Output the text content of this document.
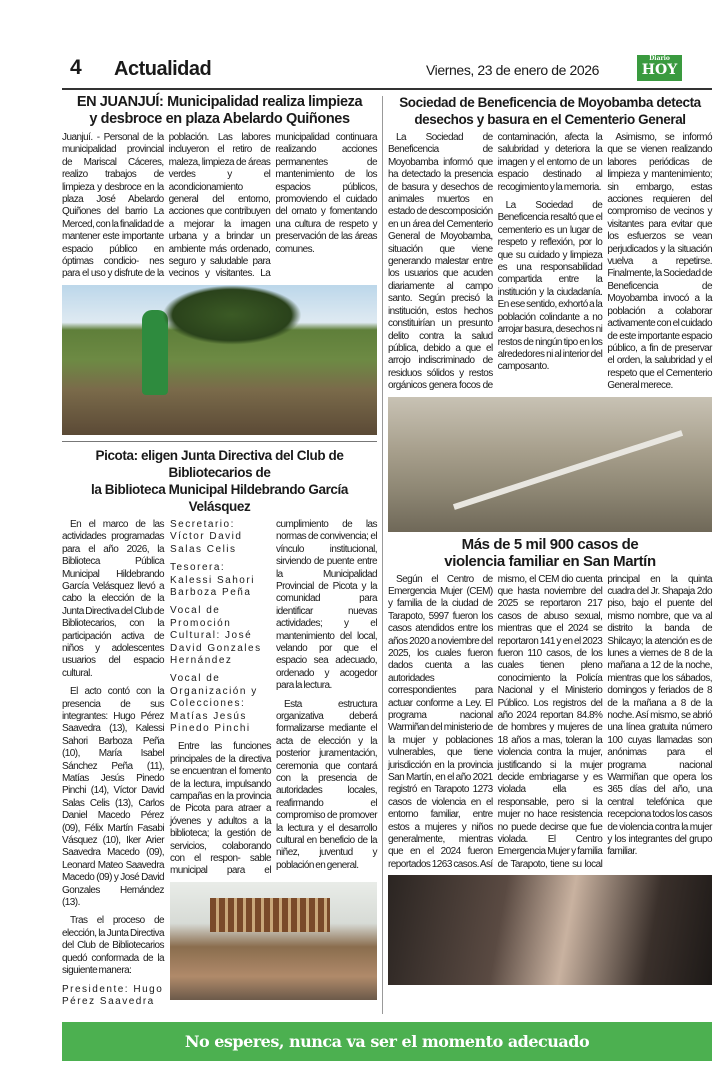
4 Actualidad	Viernes, 23 de enero de 2026
Diario
HOY
EN JUANJUÍ: Municipalidad realiza limpieza
y desbroce en plaza Abelardo Quiñones

Juanjuí. - Personal de la municipalidad provincial de Mariscal Cáceres, realizo trabajos de limpieza y desbroce en la plaza José Abelardo Quiñones del barrio La Merced, con la finalidad de mantener este importante espacio público en óptimas condicio- nes para el uso y disfrute de la población. Las labores incluyeron el retiro de maleza, limpieza de áreas verdes y el acondicionamiento general del entorno, acciones que contribuyen a mejorar la imagen urbana y a brindar un ambiente más ordenado, seguro y saludable para vecinos y visitantes. La municipalidad continuara realizando acciones permanentes de mantenimiento de los espacios públicos, promoviendo el cuidado del ornato y fomentando una cultura de respeto y preservación de las áreas comunes.

Picota: eligen Junta Directiva del Club de Bibliotecarios de
la Biblioteca Municipal Hildebrando García Velásquez

En el marco de las actividades programadas para el año 2026, la Biblioteca Pública Municipal Hildebrando García Velásquez llevó a cabo la elección de la Junta Directiva del Club de Bibliotecarios, con la participación activa de niños y adolescentes usuarios del espacio cultural.

El acto contó con la presencia de sus integrantes: Hugo Pérez Saavedra (13), Kalessi Sahori Barboza Peña (10), María Isabel Sánchez Peña (11), Matías Jesús Pinedo Pinchi (14), Víctor David Salas Celis (13), Carlos Daniel Macedo Pérez (09), Félix Martín Fasabi Vásquez (10), Iker Arier Saavedra Macedo (09), Leonard Mateo Saavedra Macedo (09) y José David Gonzales Hernández (13).

Tras el proceso de elección, la Junta Directiva del Club de Bibliotecarios quedó conformada de la siguiente manera:

Presidente: Hugo Pérez Saavedra

Secretario: Víctor David Salas Celis

Tesorera: Kalessi Sahori Barboza Peña

Vocal de Promoción Cultural: José David Gonzales Hernández

Vocal de Organización y Colecciones: Matías Jesús Pinedo Pinchi

Entre las funciones principales de la directiva se encuentran el fomento de la lectura, impulsando campañas en la provincia de Picota para atraer a jóvenes y adultos a la biblioteca; la gestión de servicios, colaborando con el respon- sable municipal para el cumplimiento de las normas de convivencia; el vínculo institucional, sirviendo de puente entre la Municipalidad Provincial de Picota y la comunidad para identificar nuevas actividades; y el mantenimiento del local, velando por que el espacio sea adecuado, ordenado y acogedor para la lectura.

Esta estructura organizativa deberá formalizarse mediante el acta de elección y la posterior juramentación, ceremonia que contará con la presencia de autoridades locales, reafirmando el compromiso de promover la lectura y el desarrollo cultural en beneficio de la niñez, juventud y población en general.

Sociedad de Beneficencia de Moyobamba detecta
desechos y basura en el Cementerio General

La Sociedad de Beneficencia de Moyobamba informó que ha detectado la presencia de basura y desechos de animales muertos en estado de descomposición en un área del Cementerio General de Moyobamba, situación que viene generando malestar entre los usuarios que acuden diariamente al campo santo. Según precisó la institución, estos hechos constituirían un presunto delito contra la salud pública, debido a que el arrojo indiscriminado de residuos sólidos y restos orgánicos genera focos de contaminación, afecta la salubridad y deteriora la imagen y el entorno de un espacio destinado al recogimiento y la memoria.

La Sociedad de Beneficencia resaltó que el cementerio es un lugar de respeto y reflexión, por lo que su cuidado y limpieza es una responsabilidad compartida entre la institución y la ciudadanía. En ese sentido, exhortó a la población colindante a no arrojar basura, desechos ni restos de ningún tipo en los alrededores ni al interior del camposanto.

Asimismo, se informó que se vienen realizando labores periódicas de limpieza y mantenimiento; sin embargo, estas acciones requieren del compromiso de vecinos y visitantes para evitar que los esfuerzos se vean perjudicados y la situación vuelva a repetirse. Finalmente, la Sociedad de Beneficencia de Moyobamba invocó a la población a colaborar activamente con el cuidado de este importante espacio público, a fin de preservar el orden, la salubridad y el respeto que el Cementerio General merece.

Más de 5 mil 900 casos de
violencia familiar en San Martín

Según el Centro de Emergencia Mujer (CEM) y familia de la ciudad de Tarapoto, 5997 fueron los casos atendidos entre los años 2020 a noviembre del 2025, los cuales fueron dados cuenta a las autoridades correspondientes para actuar conforme a Ley. El programa nacional Warmiñan del ministerio de la mujer y poblaciones vulnerables, que tiene jurisdicción en la provincia San Martín, en el año 2021 registró en Tarapoto 1273 casos de violencia en el entorno familiar, entre estos a mujeres y niños generalmente, mientras que en el 2024 fueron reportados 1263 casos. Así mismo, el CEM dio cuenta que hasta noviembre del 2025 se reportaron 217 casos de abuso sexual, mientras que el 2024 se reportaron 141 y en el 2023 fueron 110 casos, de los cuales tienen pleno conocimiento la Policía Nacional y el Ministerio Público. Los registros del año 2024 reportan 84.8% de hombres y mujeres de 18 años a mas, toleran la violencia contra la mujer, justificando si la mujer decide embriagarse y es violada ella es responsable, pero si la mujer no hace resistencia no puede decirse que fue violada. El Centro Emergencia Mujer y familia de Tarapoto, tiene su local principal en la quinta cuadra del Jr. Shapaja 2do piso, bajo el puente del mismo nombre, que va al distrito la banda de Shilcayo; la atención es de lunes a viernes de 8 de la mañana a 12 de la noche, mientras que los sábados, domingos y feriados de 8 de la mañana a 8 de la noche. Así mismo, se abrió una línea gratuita número 100 cuyas llamadas son anónimas para el programa nacional Warmiñan que opera los 365 días del año, una central telefónica que recepciona todos los casos de violencia contra la mujer y los integrantes del grupo familiar.

No esperes, nunca va ser el momento adecuado
